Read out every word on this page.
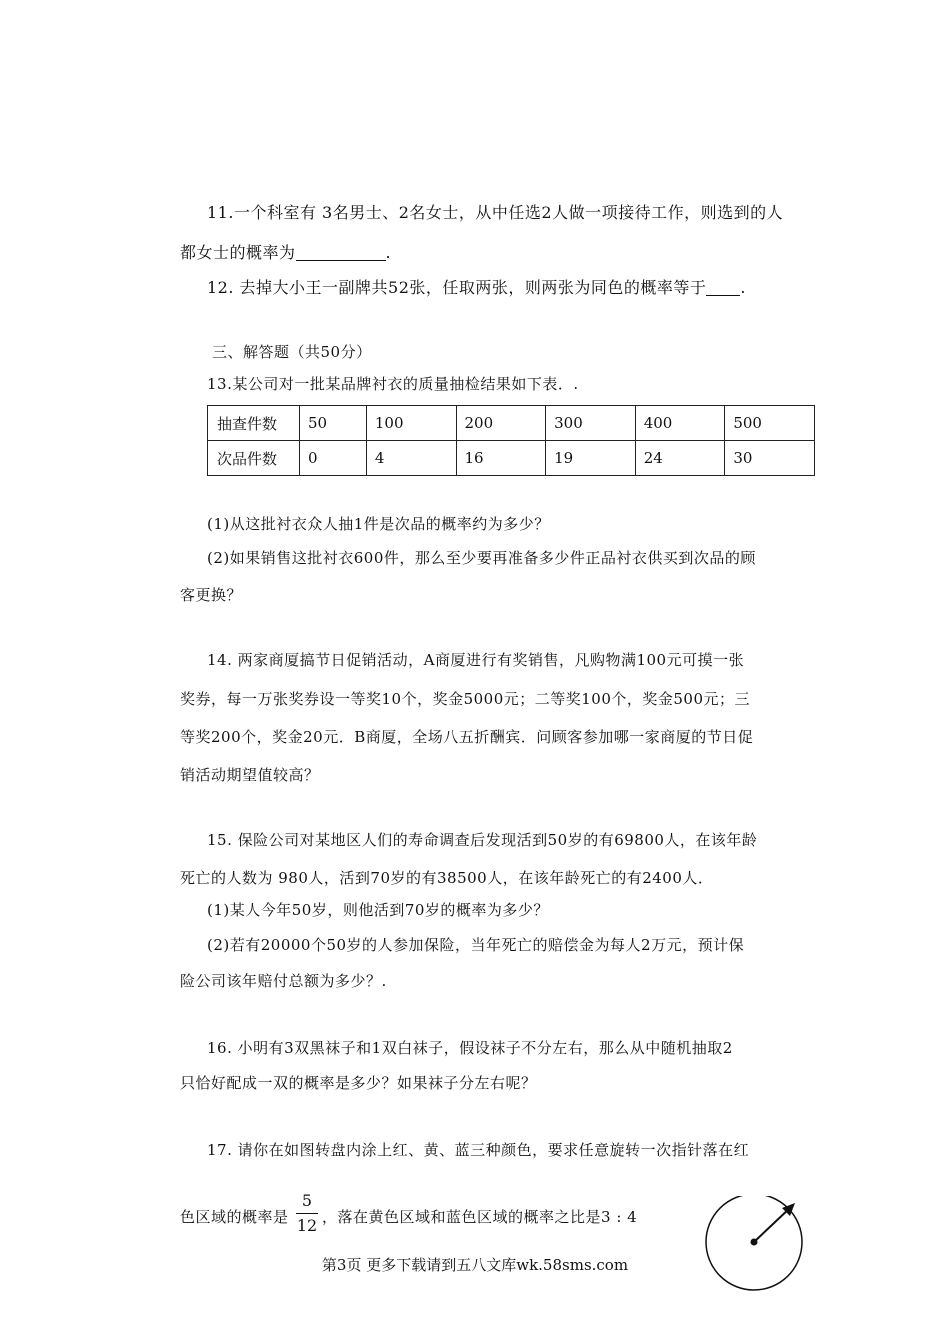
11.一个科室有 3名男士、2名女士，从中任选2人做一项接待工作，则选到的人
都女士的概率为	.
12. 去掉大小王一副牌共52张，任取两张，则两张为同色的概率等于 .
三、解答题（共50分）
13.某公司对一批某品牌衬衣的质量抽检结果如下表．.
抽查件数	50	100	200	300	400	500
次品件数	0	4	16	19	24	30
(1)从这批衬衣众人抽1件是次品的概率约为多少？
(2)如果销售这批衬衣600件，那么至少要再准备多少件正品衬衣供买到次品的顾
客更换？
14. 两家商厦搞节日促销活动，A商厦进行有奖销售，凡购物满100元可摸一张
奖券，每一万张奖券设一等奖10个，奖金5000元；二等奖100个，奖金500元；三
等奖200个，奖金20元．B商厦，全场八五折酬宾．问顾客参加哪一家商厦的节日促
销活动期望值较高？
15. 保险公司对某地区人们的寿命调查后发现活到50岁的有69800人，在该年龄
死亡的人数为 980人，活到70岁的有38500人，在该年龄死亡的有2400人．
(1)某人今年50岁，则他活到70岁的概率为多少？
(2)若有20000个50岁的人参加保险，当年死亡的赔偿金为每人2万元，预计保
险公司该年赔付总额为多少？.
16. 小明有3双黑袜子和1双白袜子，假设袜子不分左右，那么从中随机抽取2
只恰好配成一双的概率是多少？如果袜子分左右呢？
17. 请你在如图转盘内涂上红、黄、蓝三种颜色，要求任意旋转一次指针落在红
色区域的概率是
5
12 ，落在黄色区域和蓝色区域的概率之比是3 : 4
第3页 更多下载请到五八文库wk.58sms.com
